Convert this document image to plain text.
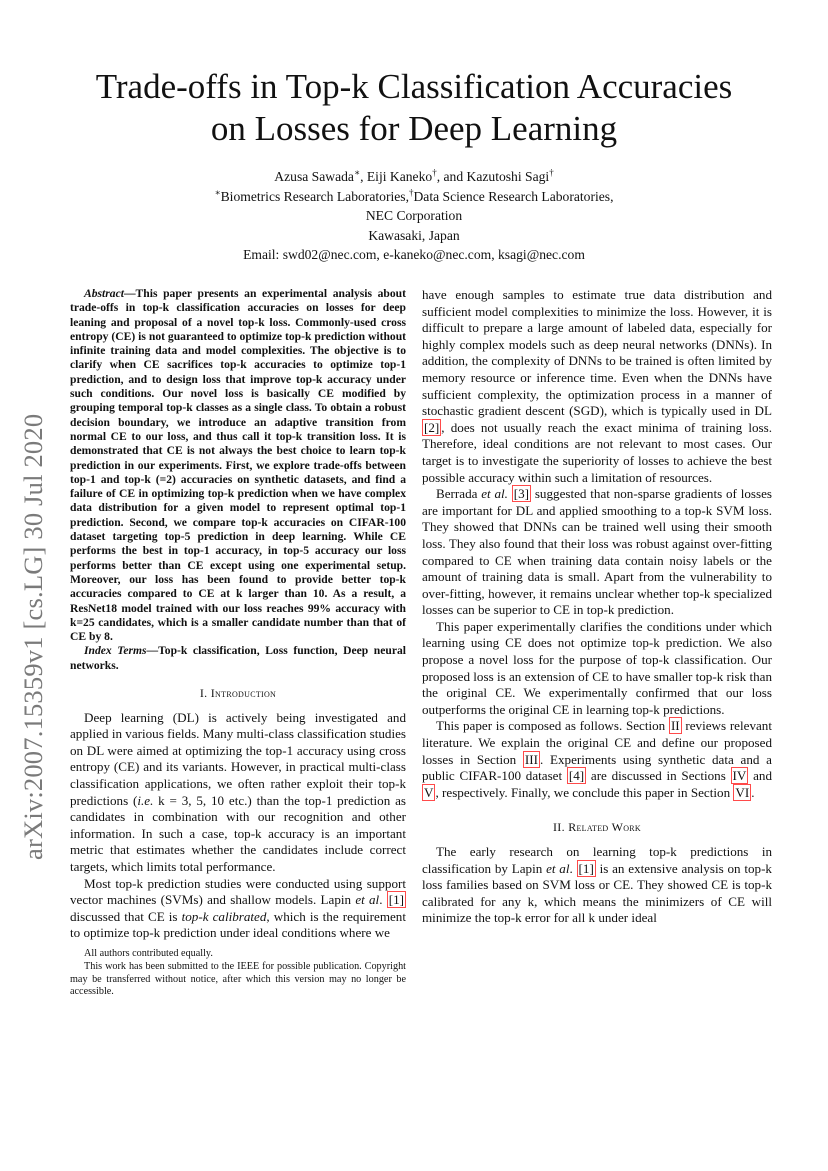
arXiv:2007.15359v1 [cs.LG] 30 Jul 2020
Trade-offs in Top-k Classification Accuracies
on Losses for Deep Learning
Azusa Sawada∗, Eiji Kaneko†, and Kazutoshi Sagi†
∗Biometrics Research Laboratories,†Data Science Research Laboratories,
NEC Corporation
Kawasaki, Japan
Email: swd02@nec.com, e-kaneko@nec.com, ksagi@nec.com

Abstract—This paper presents an experimental analysis about trade-offs in top-k classification accuracies on losses for deep leaning and proposal of a novel top-k loss. Commonly-used cross entropy (CE) is not guaranteed to optimize top-k prediction without infinite training data and model complexities. The objective is to clarify when CE sacrifices top-k accuracies to optimize top-1 prediction, and to design loss that improve top-k accuracy under such conditions. Our novel loss is basically CE modified by grouping temporal top-k classes as a single class. To obtain a robust decision boundary, we introduce an adaptive transition from normal CE to our loss, and thus call it top-k transition loss. It is demonstrated that CE is not always the best choice to learn top-k prediction in our experiments. First, we explore trade-offs between top-1 and top-k (=2) accuracies on synthetic datasets, and find a failure of CE in optimizing top-k prediction when we have complex data distribution for a given model to represent optimal top-1 prediction. Second, we compare top-k accuracies on CIFAR-100 dataset targeting top-5 prediction in deep learning. While CE performs the best in top-1 accuracy, in top-5 accuracy our loss performs better than CE except using one experimental setup. Moreover, our loss has been found to provide better top-k accuracies compared to CE at k larger than 10. As a result, a ResNet18 model trained with our loss reaches 99% accuracy with k=25 candidates, which is a smaller candidate number than that of CE by 8.

Index Terms—Top-k classification, Loss function, Deep neural networks.

I. Introduction

Deep learning (DL) is actively being investigated and applied in various fields. Many multi-class classification studies on DL were aimed at optimizing the top-1 accuracy using cross entropy (CE) and its variants. However, in practical multi-class classification applications, we often rather exploit their top-k predictions (i.e. k = 3, 5, 10 etc.) than the top-1 prediction as candidates in combination with our recognition and other information. In such a case, top-k accuracy is an important metric that estimates whether the candidates include correct targets, which limits total performance.

Most top-k prediction studies were conducted using support vector machines (SVMs) and shallow models. Lapin et al. [1] discussed that CE is top-k calibrated, which is the requirement to optimize top-k prediction under ideal conditions where we

All authors contributed equally.

This work has been submitted to the IEEE for possible publication. Copyright may be transferred without notice, after which this version may no longer be accessible.

have enough samples to estimate true data distribution and sufficient model complexities to minimize the loss. However, it is difficult to prepare a large amount of labeled data, especially for highly complex models such as deep neural networks (DNNs). In addition, the complexity of DNNs to be trained is often limited by memory resource or inference time. Even when the DNNs have sufficient complexity, the optimization process in a manner of stochastic gradient descent (SGD), which is typically used in DL [2] , does not usually reach the exact minima of training loss. Therefore, ideal conditions are not relevant to most cases. Our target is to investigate the superiority of losses to achieve the best possible accuracy within such a limitation of resources.

Berrada et al. [3] suggested that non-sparse gradients of losses are important for DL and applied smoothing to a top-k SVM loss. They showed that DNNs can be trained well using their smooth loss. They also found that their loss was robust against over-fitting compared to CE when training data contain noisy labels or the amount of training data is small. Apart from the vulnerability to over-fitting, however, it remains unclear whether top-k specialized losses can be superior to CE in top-k prediction.

This paper experimentally clarifies the conditions under which learning using CE does not optimize top-k prediction. We also propose a novel loss for the purpose of top-k classification. Our proposed loss is an extension of CE to have smaller top-k risk than the original CE. We experimentally confirmed that our loss outperforms the original CE in learning top-k predictions.

This paper is composed as follows. Section II reviews relevant literature. We explain the original CE and define our proposed losses in Section III . Experiments using synthetic data and a public CIFAR-100 dataset [4] are discussed in Sections IV and V , respectively. Finally, we conclude this paper in Section VI .

II. Related Work

The early research on learning top-k predictions in classification by Lapin et al. [1] is an extensive analysis on top-k loss families based on SVM loss or CE. They showed CE is top-k calibrated for any k, which means the minimizers of CE will minimize the top-k error for all k under ideal
